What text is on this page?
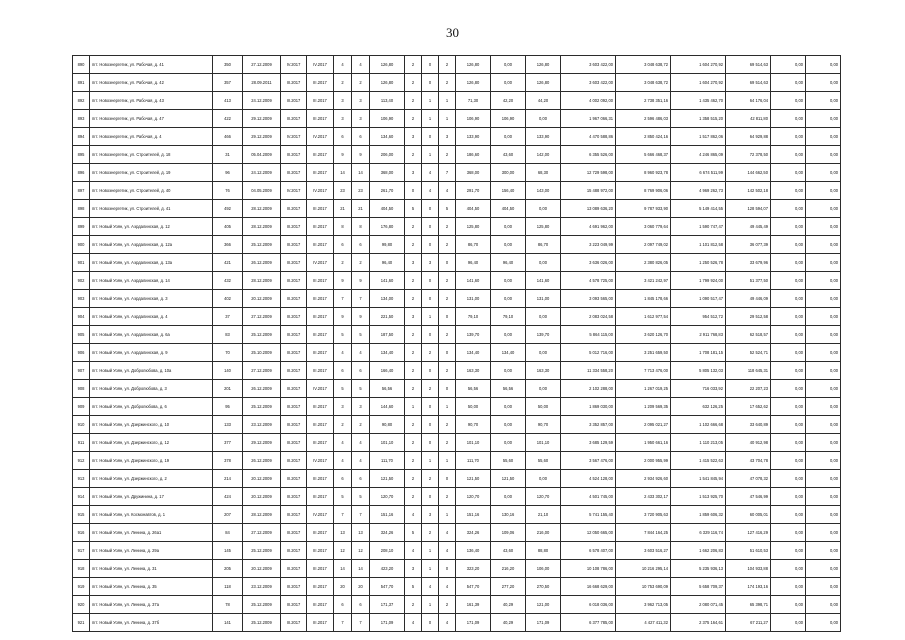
30
890	пгт. Новоэнергетик, ул. Рабочая, д. 41	350	27.12.2009	IV.2017	IV.2017	4	4	126,80	2	0	2	126,80	0,00	126,80	3 603 422,00	3 048 638,72	1 604 270,92	69 514,63	0,00	0,00
891	пгт. Новоэнергетик, ул. Рабочая, д. 42	357	28.09.2011	III.2017	III.2017	2	2	126,80	2	0	2	126,80	0,00	126,80	3 603 422,00	3 048 638,72	1 604 270,92	69 514,63	0,00	0,00
892	пгт. Новоэнергетик, ул. Рабочая, д. 43	413	24.12.2009	III.2017	III.2017	3	3	113,40	2	1	1	71,30	42,20	44,20	4 002 092,00	2 738 351,16	1 435 462,70	64 176,04	0,00	0,00
893	пгт. Новоэнергетик, ул. Рабочая, д. 47	422	29.12.2009	III.2017	III.2017	3	3	106,90	2	1	1	106,90	106,90	0,00	1 967 066,31	2 596 486,03	1 358 515,20	42 811,80	0,00	0,00
894	пгт. Новоэнергетик, ул. Рабочая, д. 4	466	29.12.2009	IV.2017	IV.2017	6	6	134,60	3	0	3	133,90	0,00	133,90	4 470 588,86	2 850 424,16	1 517 862,06	64 929,88	0,00	0,00
895	пгт. Новоэнергетик, ул. Строителей, д. 18	31	05.04.2009	III.2017	III.2017	9	9	206,00	2	1	2	186,60	43,60	142,00	6 355 526,00	5 666 468,37	4 246 865,09	72 378,50	0,00	0,00
896	пгт. Новоэнергетик, ул. Строителей, д. 19	96	24.12.2009	III.2017	III.2017	14	14	368,00	3	4	7	368,00	300,00	68,30	12 729 598,00	8 960 923,78	6 674 511,99	144 662,50	0,00	0,00
897	пгт. Новоэнергетик, ул. Строителей, д. 40	76	04.05.2009	IV.2017	IV.2017	23	23	261,70	0	4	4	291,70	156,40	143,00	15 488 972,00	8 769 906,06	4 969 262,73	142 502,18	0,00	0,00
898	пгт. Новоэнергетик, ул. Строителей, д. 41	492	28.12.2009	III.2017	III.2017	21	21	404,50	5	0	5	404,50	404,50	0,00	13 089 636,20	9 787 933,90	5 149 414,55	128 594,07	0,00	0,00
899	пгт. Новый Уоян, ул. Аэрдалинская, д. 12	405	28.12.2009	III.2017	III.2017	8	8	176,80	2	0	2	125,80	0,00	125,80	4 691 962,00	3 060 779,64	1 590 747,47	49 445,49	0,00	0,00
900	пгт. Новый Уоян, ул. Аэрдалинская, д. 12а	366	25.12.2009	III.2017	III.2017	6	6	99,80	2	0	2	86,70	0,00	86,70	3 223 049,99	2 097 749,02	1 101 812,58	36 077,39	0,00	0,00
901	пгт. Новый Уоян, ул. Аэрдалинская, д. 13а	421	26.12.2009	III.2017	IV.2017	2	2	96,40	3	3	0	96,40	96,40	0,00	3 636 026,00	2 380 826,05	1 250 526,78	33 679,96	0,00	0,00
902	пгт. Новый Уоян, ул. Аэрдалинская, д. 14	432	28.12.2009	III.2017	III.2017	9	9	141,60	2	0	2	141,60	0,00	141,60	4 578 725,00	3 421 242,97	1 799 924,00	51 377,50	0,00	0,00
903	пгт. Новый Уоян, ул. Аэрдалинская, д. 3	402	20.12.2009	III.2017	III.2017	7	7	134,00	2	0	2	131,00	0,00	131,00	3 093 565,00	1 845 178,66	1 090 517,47	49 446,09	0,00	0,00
904	пгт. Новый Уоян, ул. Аэрдалинская, д. 4	37	27.12.2009	III.2017	III.2017	9	9	221,50	3	1	0	79,10	79,10	0,00	2 083 024,58	1 612 977,54	954 512,72	29 512,58	0,00	0,00
905	пгт. Новый Уоян, ул. Аэрдалинская, д. 6а	83	25.12.2009	III.2017	III.2017	5	5	187,50	2	0	2	139,70	0,00	139,70	5 864 115,00	3 620 126,70	2 911 768,83	62 518,57	0,00	0,00
906	пгт. Новый Уоян, ул. Аэрдалинская, д. 9	70	25.10.2009	III.2017	III.2017	4	4	134,40	2	2	0	134,40	134,40	0,00	5 012 716,00	3 251 659,50	1 708 181,15	52 524,71	0,00	0,00
907	пгт. Новый Уоян, ул. Добролюбова, д. 10а	140	27.12.2009	III.2017	III.2017	6	6	166,40	2	0	2	163,30	0,00	163,30	11 334 558,20	7 713 476,00	5 805 132,03	118 645,31	0,00	0,00
908	пгт. Новый Уоян, ул. Добролюбова, д. 3	201	26.12.2009	III.2017	IV.2017	5	5	56,56	2	2	0	56,56	56,56	0,00	2 102 288,00	1 267 019,25	716 033,92	22 207,23	0,00	0,00
909	пгт. Новый Уоян, ул. Добролюбова, д. 6	95	25.12.2009	III.2017	III.2017	3	3	144,60	1	0	1	50,00	0,00	50,00	1 869 030,00	1 209 569,35	632 126,25	17 652,62	0,00	0,00
910	пгт. Новый Уоян, ул. Дзержинского, д. 10	133	23.12.2009	III.2017	III.2017	2	2	90,80	2	0	2	90,70	0,00	90,70	3 352 857,00	2 095 021,27	1 102 666,68	33 640,89	0,00	0,00
911	пгт. Новый Уоян, ул. Дзержинского, д. 12	377	29.12.2009	III.2017	III.2017	4	4	101,10	2	0	2	101,10	0,00	101,10	3 685 129,59	1 950 661,16	1 110 213,05	40 912,98	0,00	0,00
912	пгт. Новый Уоян, ул. Дзержинского, д. 19	378	26.12.2009	III.2017	IV.2017	4	4	111,70	2	1	1	111,70	55,60	55,60	3 567 476,00	2 000 955,99	1 415 522,63	43 704,78	0,00	0,00
913	пгт. Новый Уоян, ул. Дзержинского, д. 2	214	20.12.2009	III.2017	III.2017	6	6	121,50	2	2	0	121,50	121,50	0,00	4 524 128,00	2 934 926,60	1 541 845,94	47 078,32	0,00	0,00
914	пгт. Новый Уоян, ул. Дружинина, д. 17	424	20.12.2009	III.2017	III.2017	5	5	120,70	2	0	2	120,70	0,00	120,70	4 501 745,00	2 433 302,17	1 513 925,70	47 546,99	0,00	0,00
915	пгт. Новый Уоян, ул. Космонавтов, д. 1	207	28.12.2009	III.2017	IV.2017	7	7	151,16	4	3	1	151,16	130,16	21,10	5 741 155,40	3 720 905,63	1 859 606,32	60 005,01	0,00	0,00
916	пгт. Новый Уоян, ул. Ленина, д. 26а1	84	27.12.2009	III.2017	III.2017	13	13	324,26	5	2	4	324,26	109,06	216,00	12 050 665,00	7 844 164,25	6 329 116,74	127 416,29	0,00	0,00
917	пгт. Новый Уоян, ул. Ленина, д. 29а	145	25.12.2009	III.2017	III.2017	12	12	208,10	4	1	4	136,40	43,60	88,80	6 578 407,00	3 603 516,27	1 662 206,83	51 610,53	0,00	0,00
918	пгт. Новый Уоян, ул. Ленина, д. 31	205	20.12.2009	III.2017	III.2017	14	14	423,20	3	1	0	323,20	216,20	106,00	10 108 786,00	10 216 295,14	5 235 936,13	104 933,88	0,00	0,00
919	пгт. Новый Уоян, ул. Ленина, д. 35	118	23.12.2009	III.2017	III.2017	20	20	547,70	5	4	4	547,70	277,20	270,50	16 668 629,00	10 753 690,09	5 658 709,37	174 193,16	0,00	0,00
920	пгт. Новый Уоян, ул. Ленина, д. 37а	78	25.12.2009	III.2017	III.2017	6	6	171,37	2	1	2	161,39	40,29	121,00	6 018 036,00	3 962 713,05	2 080 071,45	65 398,71	0,00	0,00
921	пгт. Новый Уоян, ул. Ленина, д. 37б	141	25.12.2009	III.2017	III.2017	7	7	171,09	4	0	4	171,09	40,29	171,09	6 377 785,00	4 427 411,32	2 375 164,61	67 211,27	0,00	0,00
